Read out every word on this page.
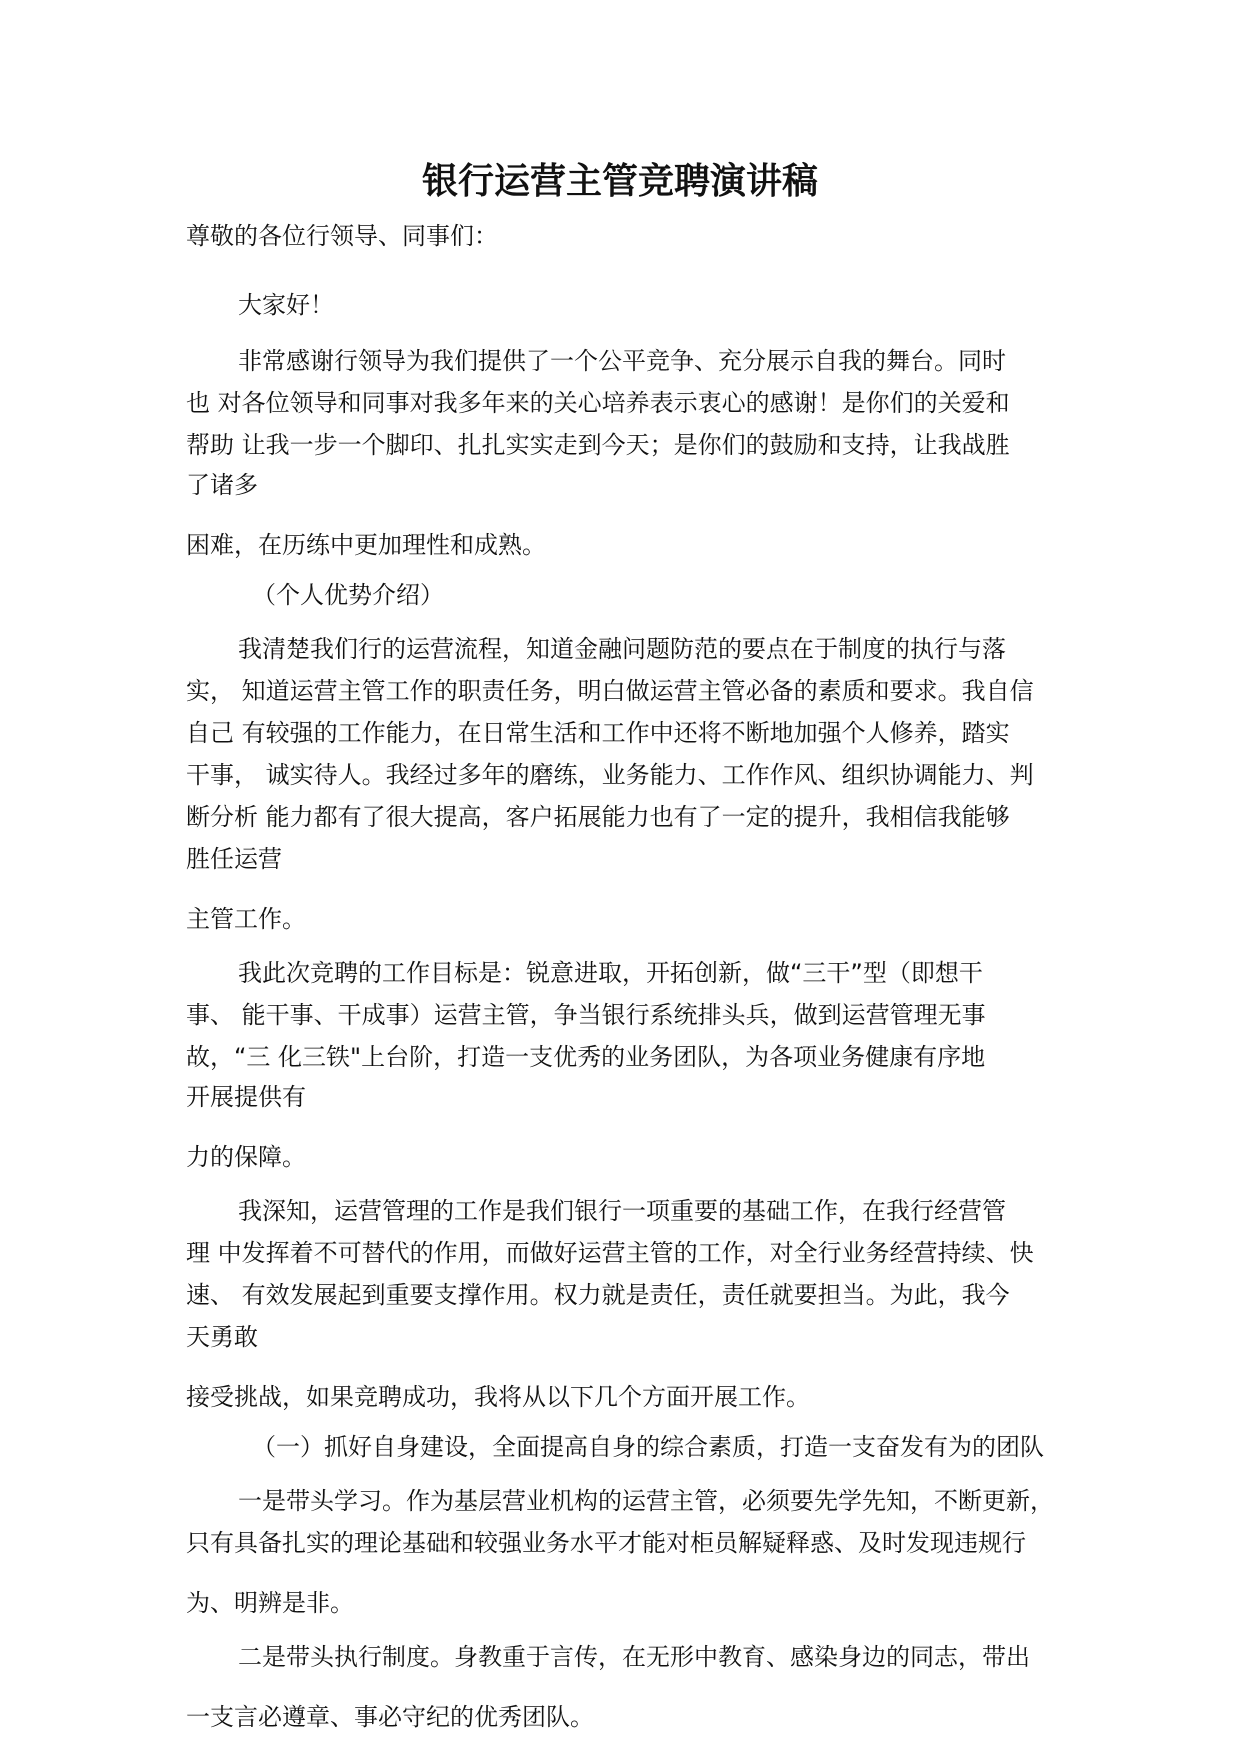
银行运营主管竞聘演讲稿

尊敬的各位行领导、同事们：

大家好！

非常感谢行领导为我们提供了一个公平竞争、充分展示自我的舞台。同时

也 对各位领导和同事对我多年来的关心培养表示衷心的感谢！是你们的关爱和

帮助 让我一步一个脚印、扎扎实实走到今天；是你们的鼓励和支持，让我战胜

了诸多

困难，在历练中更加理性和成熟。

（个人优势介绍）

我清楚我们行的运营流程，知道金融问题防范的要点在于制度的执行与落

实， 知道运营主管工作的职责任务，明白做运营主管必备的素质和要求。我自信

自己 有较强的工作能力，在日常生活和工作中还将不断地加强个人修养，踏实

干事， 诚实待人。我经过多年的磨练，业务能力、工作作风、组织协调能力、判

断分析 能力都有了很大提高，客户拓展能力也有了一定的提升，我相信我能够

胜任运营

主管工作。

我此次竞聘的工作目标是：锐意进取，开拓创新，做“三干”型（即想干

事、 能干事、干成事）运营主管，争当银行系统排头兵，做到运营管理无事

故，“三 化三铁"上台阶，打造一支优秀的业务团队，为各项业务健康有序地

开展提供有

力的保障。

我深知，运营管理的工作是我们银行一项重要的基础工作，在我行经营管

理 中发挥着不可替代的作用，而做好运营主管的工作，对全行业务经营持续、快

速、 有效发展起到重要支撑作用。权力就是责任，责任就要担当。为此，我今

天勇敢

接受挑战，如果竞聘成功，我将从以下几个方面开展工作。

（一）抓好自身建设，全面提高自身的综合素质，打造一支奋发有为的团队

一是带头学习。作为基层营业机构的运营主管，必须要先学先知，不断更新，

只有具备扎实的理论基础和较强业务水平才能对柜员解疑释惑、及时发现违规行

为、明辨是非。

二是带头执行制度。身教重于言传，在无形中教育、感染身边的同志，带出

一支言必遵章、事必守纪的优秀团队。
